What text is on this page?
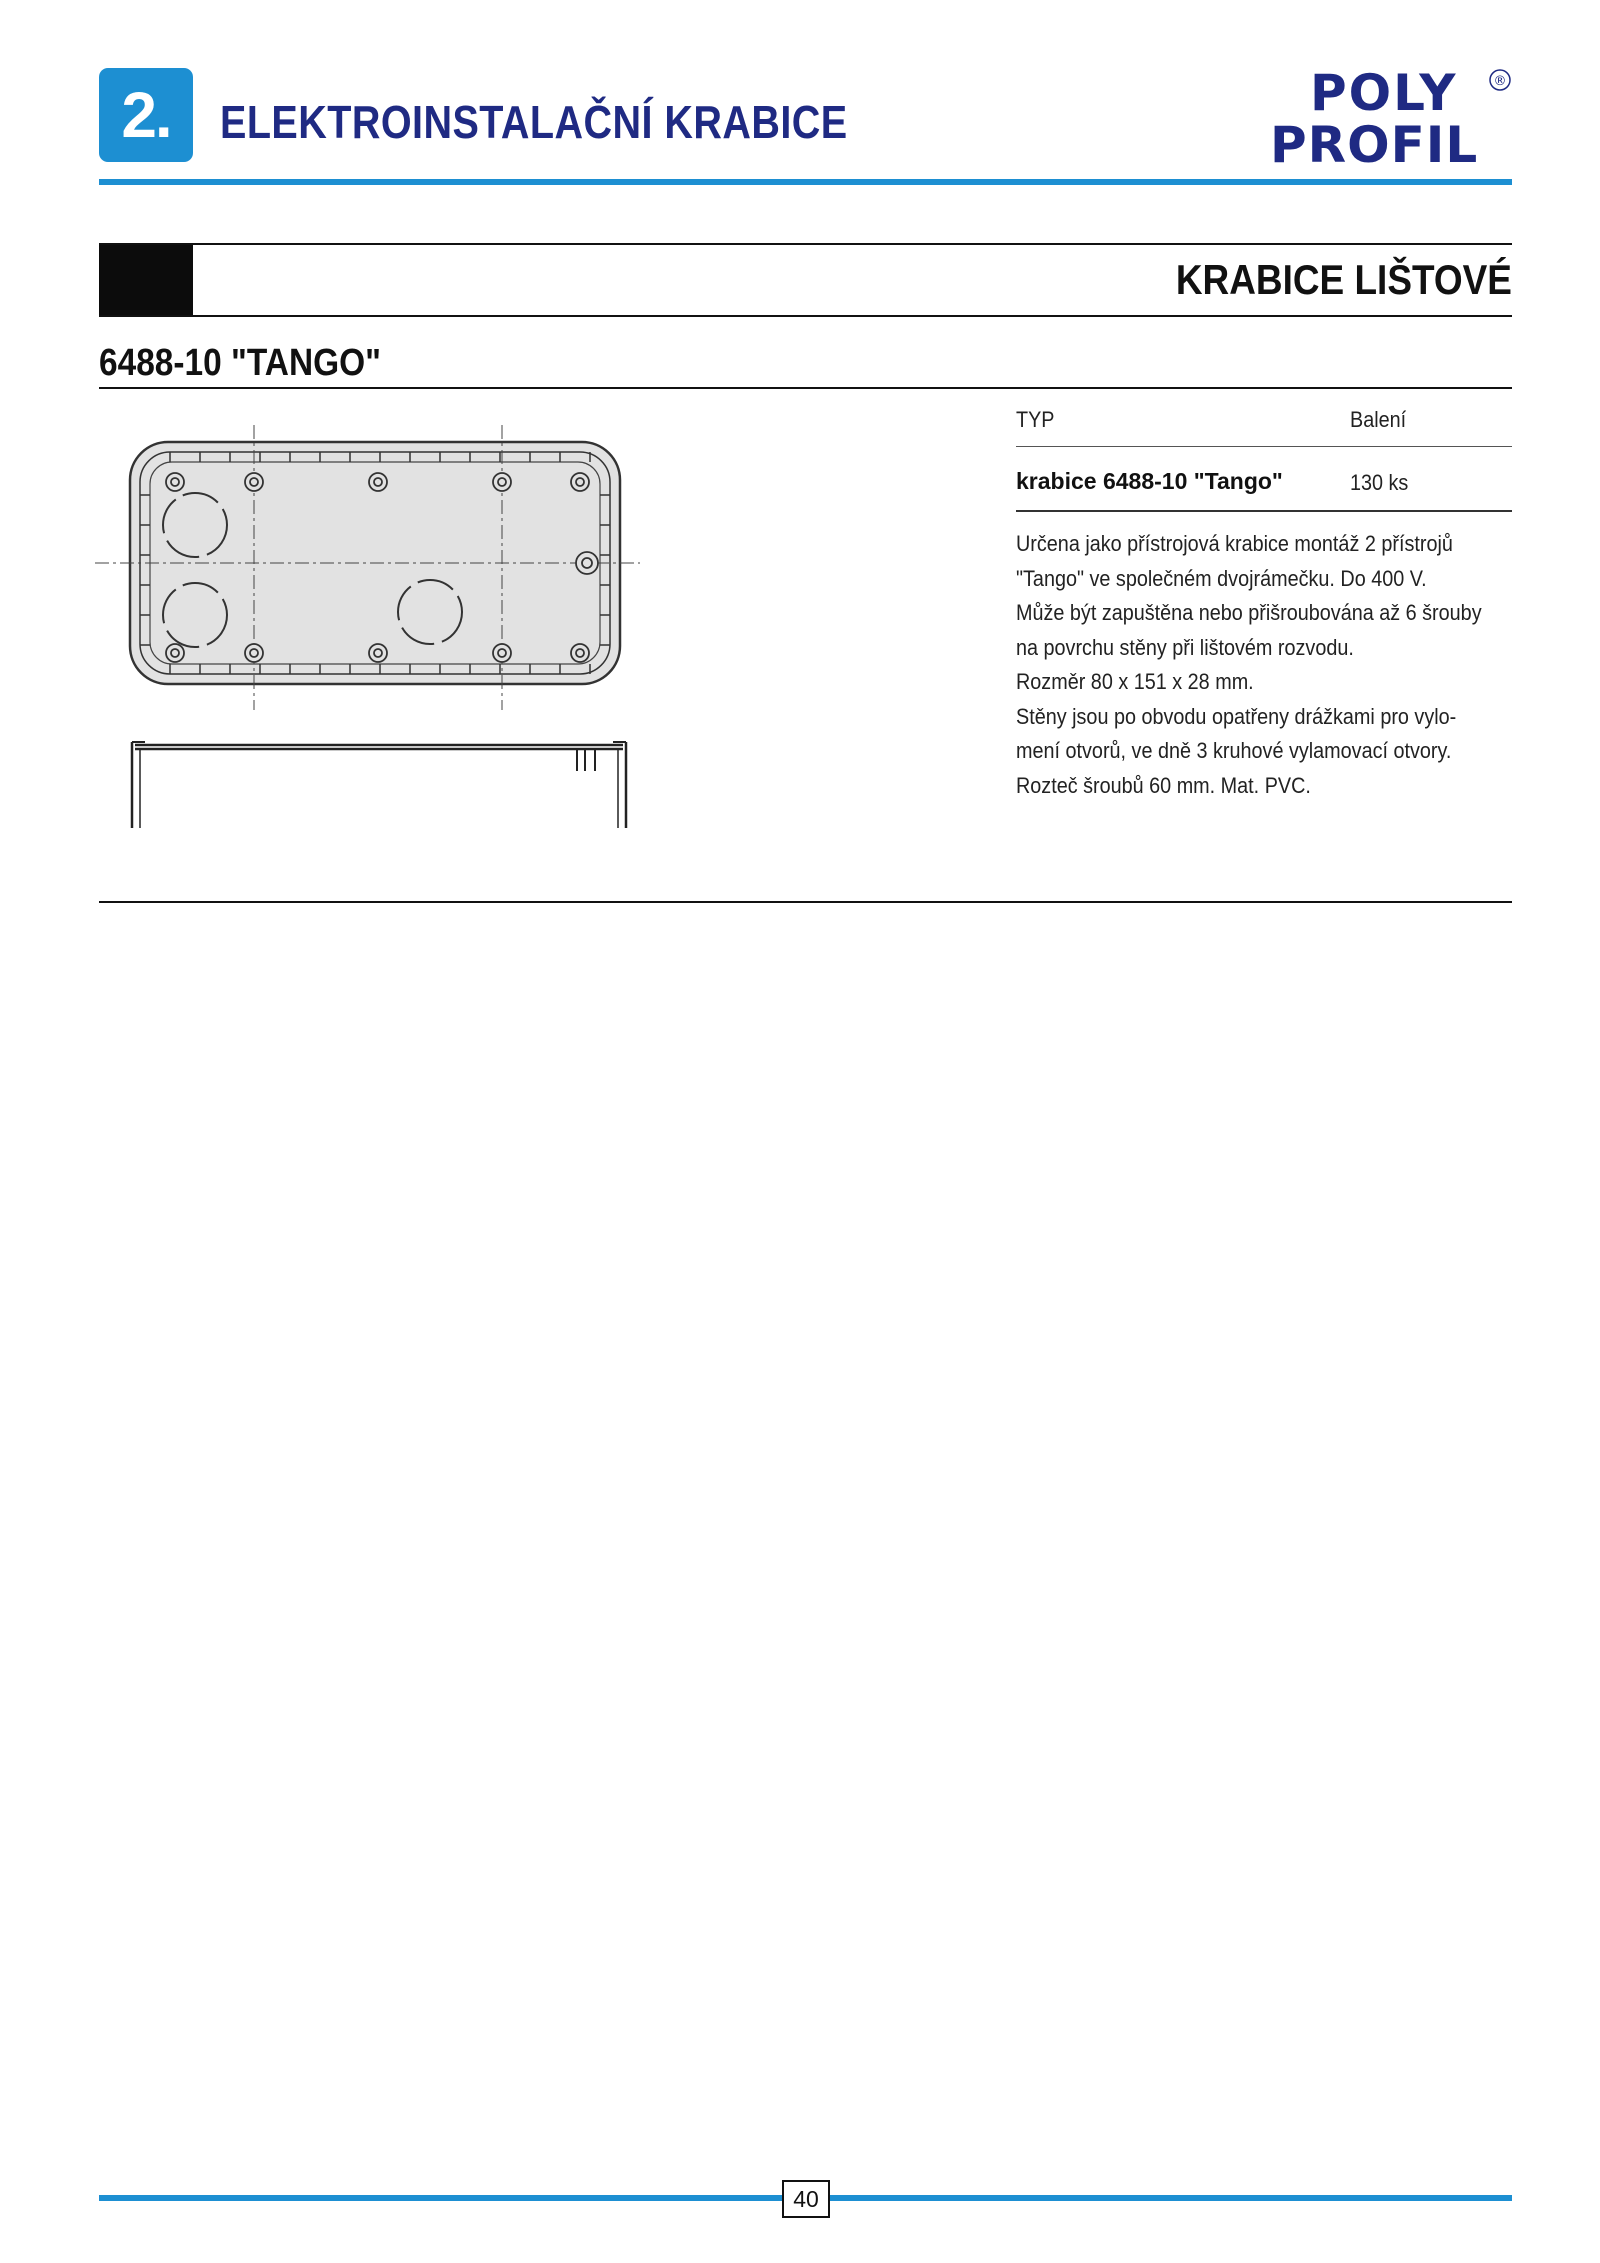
2.	ELEKTROINSTALAČNÍ KRABICE	POLY
PROFIL
®
KRABICE LIŠTOVÉ
6488-10 "TANGO"
TYP	Balení
krabice 6488-10 "Tango"	130 ks
Určena jako přístrojová krabice montáž 2 přístrojů
"Tango" ve společném dvojrámečku. Do 400 V.
Může být zapuštěna nebo přišroubována až 6 šrouby
na povrchu stěny při lištovém rozvodu.
Rozměr 80 x 151 x 28 mm.
Stěny jsou po obvodu opatřeny drážkami pro vylo-
mení otvorů, ve dně 3 kruhové vylamovací otvory.
Rozteč šroubů 60 mm. Mat. PVC.
40
